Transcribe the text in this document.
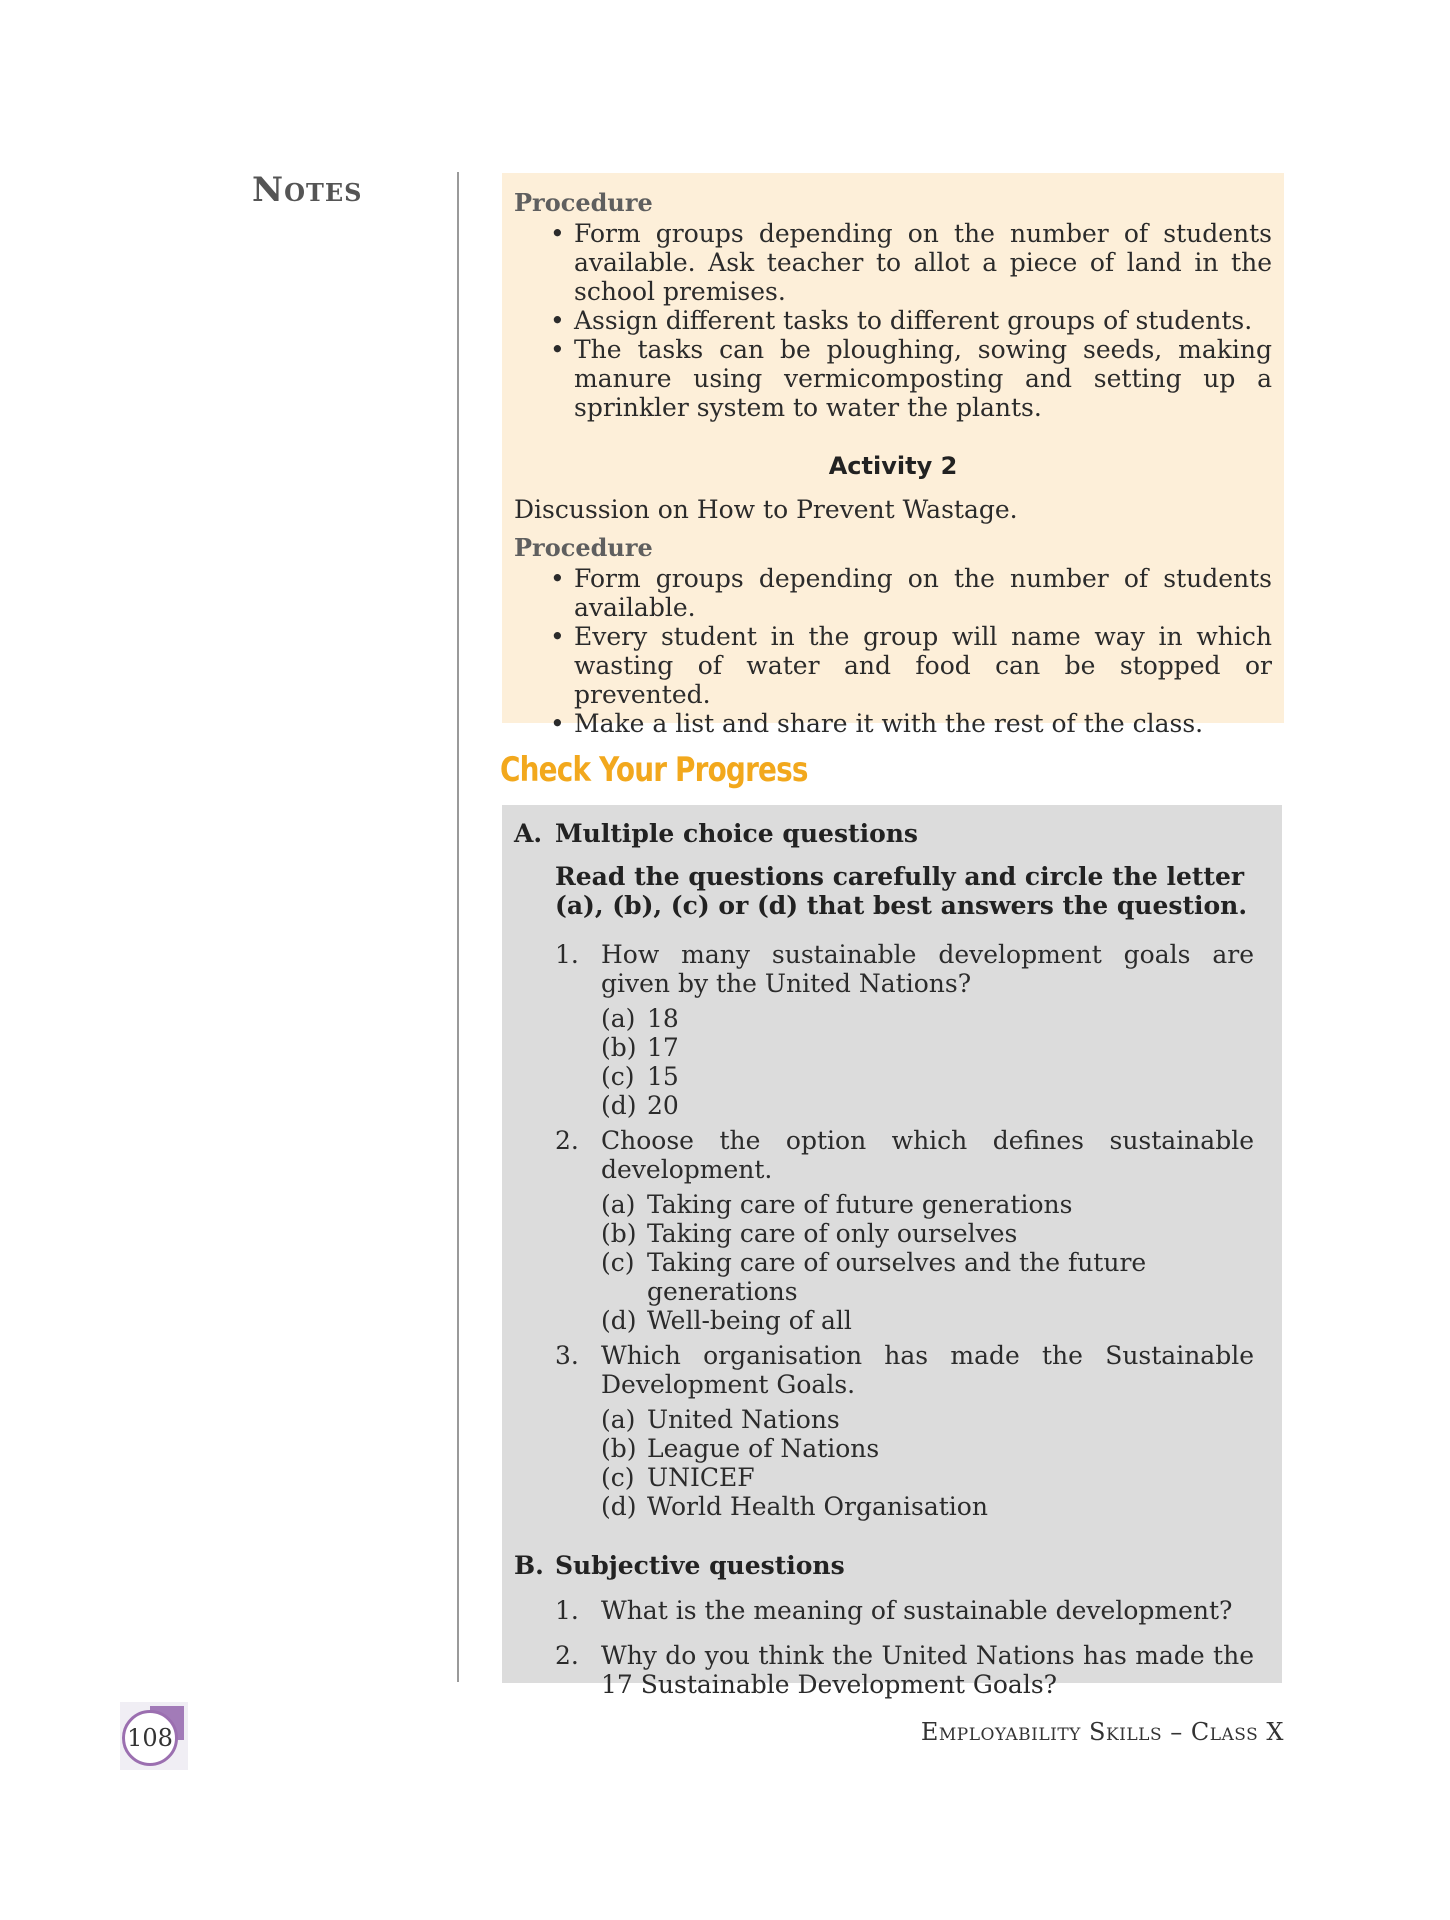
Notes	Procedure
• Form groups depending on the number of students available. Ask teacher to allot a piece of land in the school premises.
• Assign different tasks to different groups of students.
• The tasks can be ploughing, sowing seeds, making manure using vermicomposting and setting up a sprinkler system to water the plants.
Activity 2
Discussion on How to Prevent Wastage.
Procedure
• Form groups depending on the number of students available.
• Every student in the group will name way in which wasting of water and food can be stopped or prevented.
• Make a list and share it with the rest of the class.
Check Your Progress
A. Multiple choice questions
Read the questions carefully and circle the letter (a), (b), (c) or (d) that best answers the question.
1. How many sustainable development goals are given by the United Nations?
(a) 18
(b) 17
(c) 15
(d) 20
2. Choose the option which defines sustainable development.
(a) Taking care of future generations
(b) Taking care of only ourselves
(c) Taking care of ourselves and the future generations
(d) Well-being of all
3. Which organisation has made the Sustainable Development Goals.
(a) United Nations
(b) League of Nations
(c) UNICEF
(d) World Health Organisation
B. Subjective questions
1. What is the meaning of sustainable development?
2. Why do you think the United Nations has made the 17 Sustainable Development Goals?
108	Employability Skills – Class X
